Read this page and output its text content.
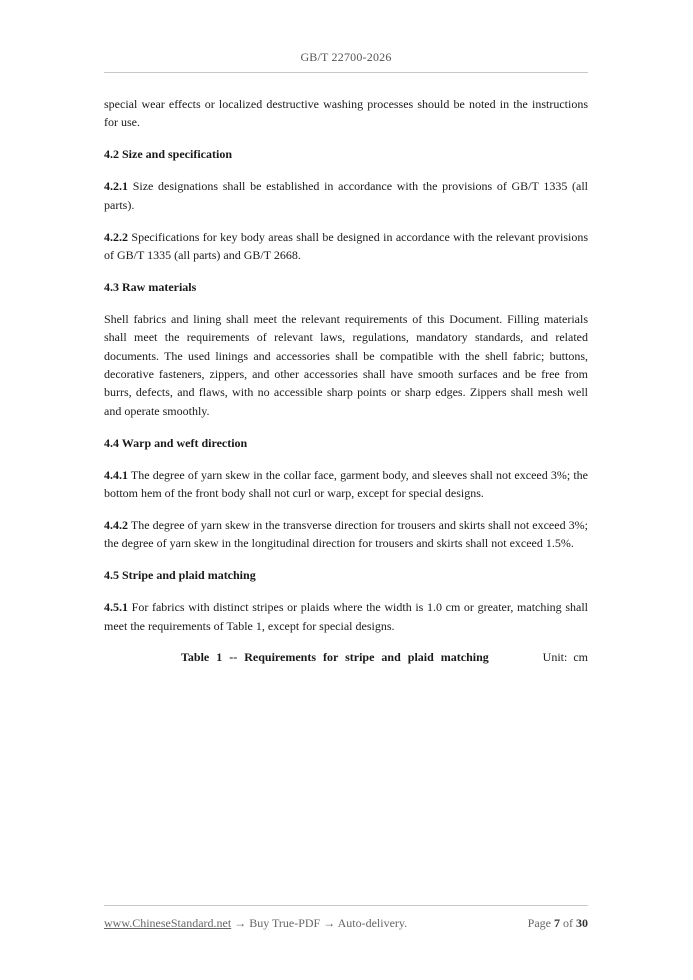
GB/T 22700-2026

special wear effects or localized destructive washing processes should be noted in the instructions for use.

4.2 Size and specification

4.2.1 Size designations shall be established in accordance with the provisions of GB/T 1335 (all parts).

4.2.2 Specifications for key body areas shall be designed in accordance with the relevant provisions of GB/T 1335 (all parts) and GB/T 2668.

4.3 Raw materials

Shell fabrics and lining shall meet the relevant requirements of this Document. Filling materials shall meet the requirements of relevant laws, regulations, mandatory standards, and related documents. The used linings and accessories shall be compatible with the shell fabric; buttons, decorative fasteners, zippers, and other accessories shall have smooth surfaces and be free from burrs, defects, and flaws, with no accessible sharp points or sharp edges. Zippers shall mesh well and operate smoothly.

4.4 Warp and weft direction

4.4.1 The degree of yarn skew in the collar face, garment body, and sleeves shall not exceed 3%; the bottom hem of the front body shall not curl or warp, except for special designs.

4.4.2 The degree of yarn skew in the transverse direction for trousers and skirts shall not exceed 3%; the degree of yarn skew in the longitudinal direction for trousers and skirts shall not exceed 1.5%.

4.5 Stripe and plaid matching

4.5.1 For fabrics with distinct stripes or plaids where the width is 1.0 cm or greater, matching shall meet the requirements of Table 1, except for special designs.

Table 1 -- Requirements for stripe and plaid matching	Unit: cm
www.ChineseStandard.net → Buy True-PDF → Auto-delivery.	Page 7 of 30
